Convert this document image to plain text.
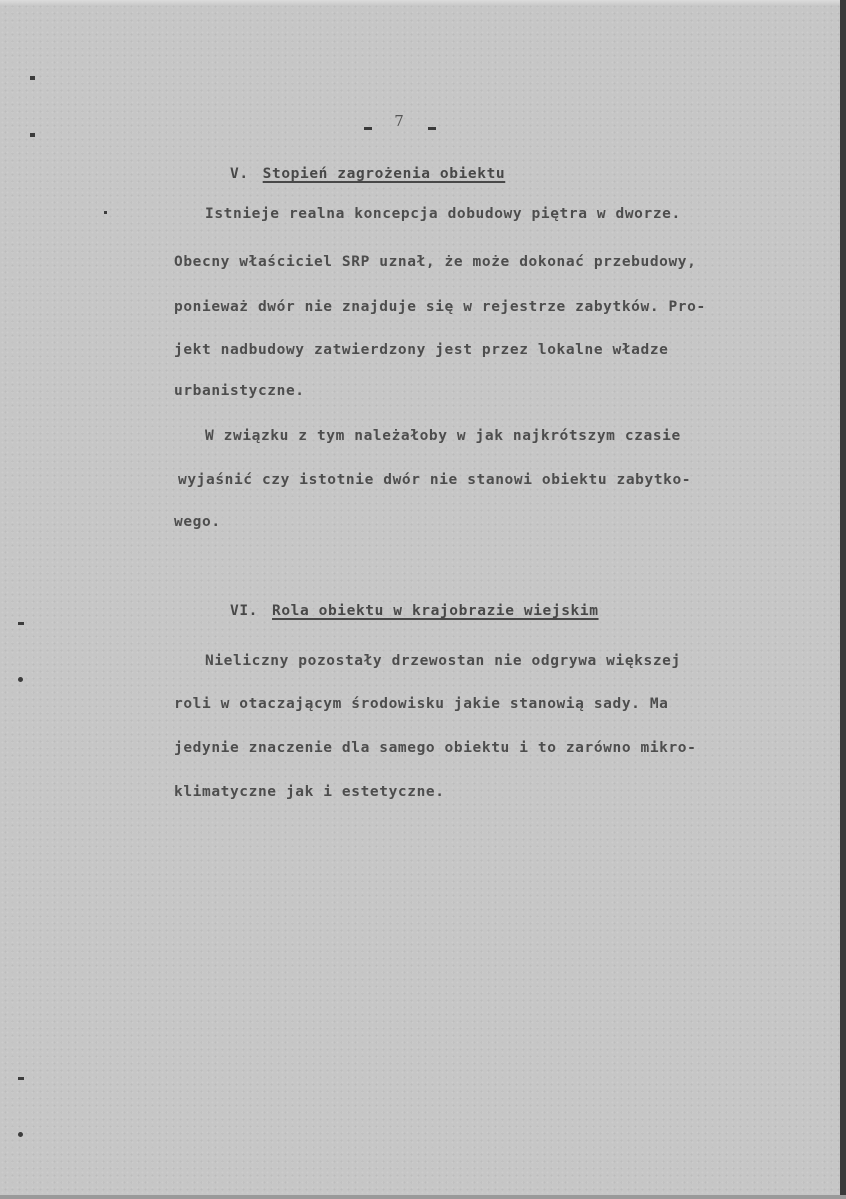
7
V. Stopień zagrożenia obiektu
Istnieje realna koncepcja dobudowy piętra w dworze.
Obecny właściciel SRP uznał, że może dokonać przebudowy,
ponieważ dwór nie znajduje się w rejestrze zabytków. Pro-
jekt nadbudowy zatwierdzony jest przez lokalne władze
urbanistyczne.
W związku z tym należałoby w jak najkrótszym czasie
wyjaśnić czy istotnie dwór nie stanowi obiektu zabytko-
wego.
VI. Rola obiektu w krajobrazie wiejskim
Nieliczny pozostały drzewostan nie odgrywa większej
roli w otaczającym środowisku jakie stanowią sady. Ma
jedynie znaczenie dla samego obiektu i to zarówno mikro-
klimatyczne jak i estetyczne.
